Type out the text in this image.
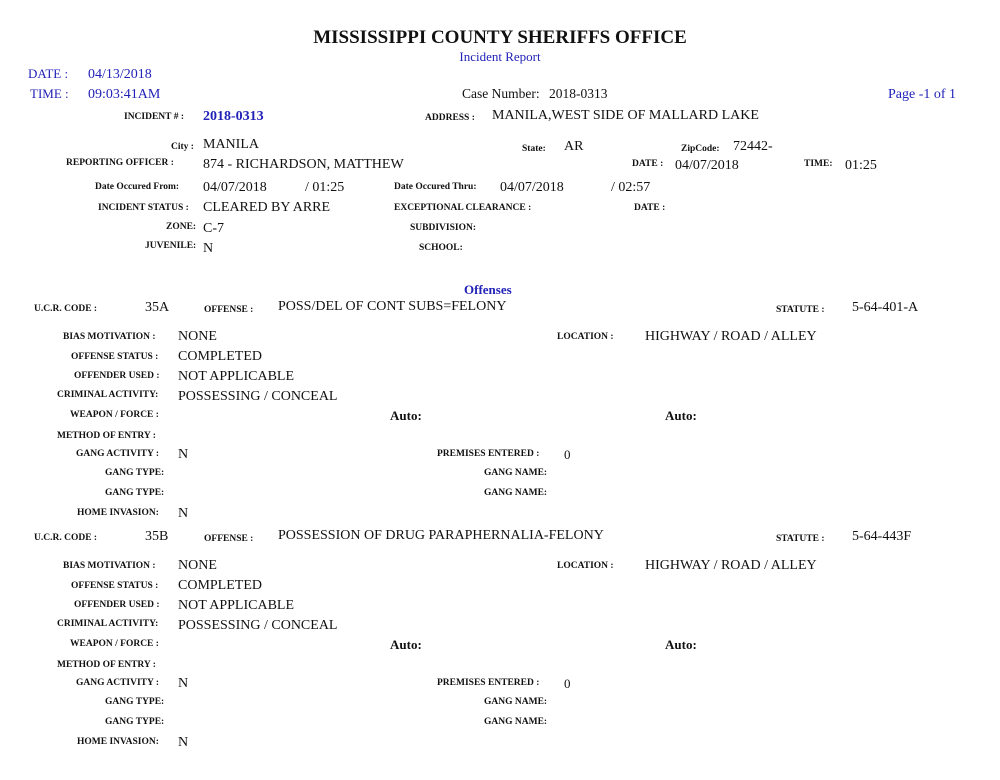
MISSISSIPPI COUNTY SHERIFFS OFFICE
Incident Report
DATE : 04/13/2018
TIME : 09:03:41AM	Case Number: 2018-0313	Page -1 of 1
INCIDENT # : 2018-0313	ADDRESS : MANILA,WEST SIDE OF MALLARD LAKE
City : MANILA	State: AR	ZipCode: 72442-
REPORTING OFFICER : 874 - RICHARDSON, MATTHEW	DATE : 04/07/2018	TIME: 01:25
Date Occured From: 04/07/2018	/ 01:25	Date Occured Thru: 04/07/2018	/ 02:57
INCIDENT STATUS : CLEARED BY ARRE	EXCEPTIONAL CLEARANCE :	DATE :
ZONE: C-7	SUBDIVISION:
JUVENILE: N	SCHOOL:
Offenses
U.C.R. CODE :	35A	OFFENSE : POSS/DEL OF CONT SUBS=FELONY	STATUTE : 5-64-401-A
BIAS MOTIVATION : NONE	LOCATION : HIGHWAY / ROAD / ALLEY
OFFENSE STATUS : COMPLETED
OFFENDER USED : NOT APPLICABLE
CRIMINAL ACTIVITY: POSSESSING / CONCEAL
WEAPON / FORCE :	Auto:	Auto:
METHOD OF ENTRY :
GANG ACTIVITY : N	PREMISES ENTERED : 0
GANG TYPE:	GANG NAME:
GANG TYPE:	GANG NAME:
HOME INVASION: N
U.C.R. CODE :	35B	OFFENSE : POSSESSION OF DRUG PARAPHERNALIA-FELONY	STATUTE : 5-64-443F
BIAS MOTIVATION : NONE	LOCATION : HIGHWAY / ROAD / ALLEY
OFFENSE STATUS : COMPLETED
OFFENDER USED : NOT APPLICABLE
CRIMINAL ACTIVITY: POSSESSING / CONCEAL
WEAPON / FORCE :	Auto:	Auto:
METHOD OF ENTRY :
GANG ACTIVITY : N	PREMISES ENTERED : 0
GANG TYPE:	GANG NAME:
GANG TYPE:	GANG NAME:
HOME INVASION: N
